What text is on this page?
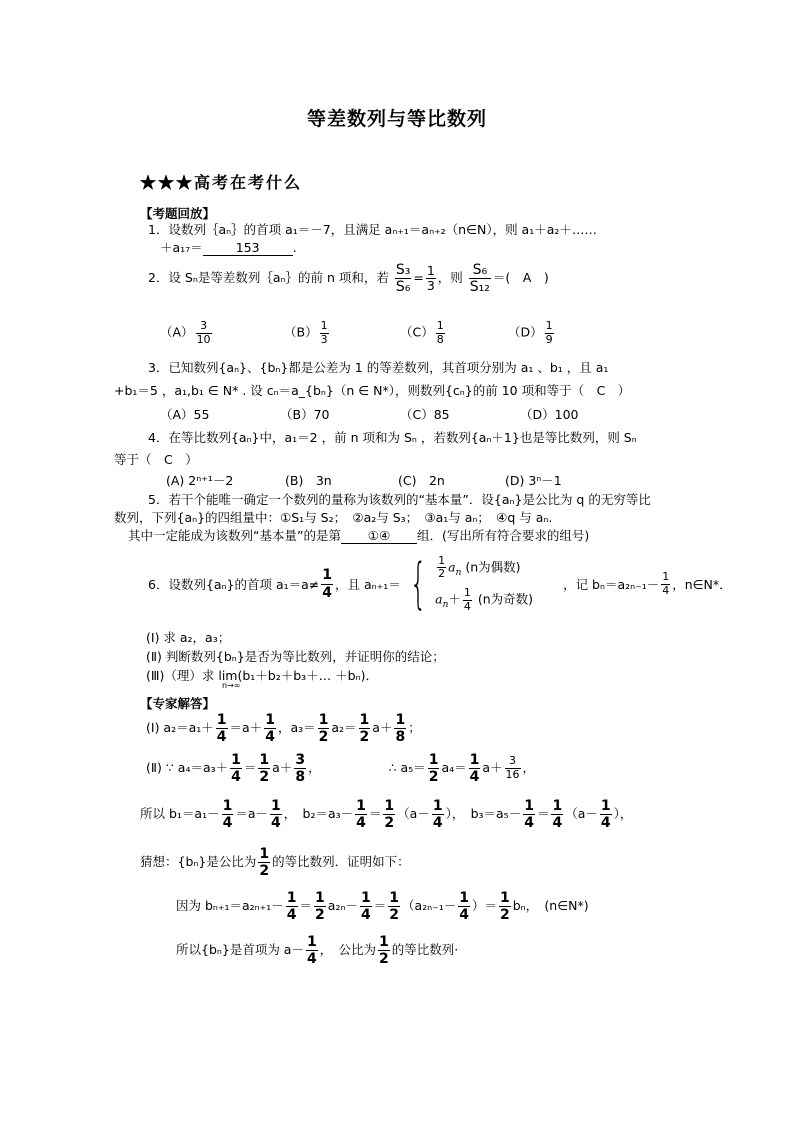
等差数列与等比数列
★★★高考在考什么
【考题回放】
1．设数列｛aₙ｝的首项 a₁＝－7，且满足 aₙ₊₁＝aₙ₊₂（n∈N），则 a₁＋a₂＋……
＋a₁₇＝	153	.
2．设 Sₙ是等差数列｛aₙ｝的前 n 项和，若 $\frac{\text{S₃}}{\text{S₆}} = \frac{1}{3}$ ，则 $\frac{\text{S₆}}{\text{S₁₂}}$ ＝(　A　)
$(A) \frac{3}{10}$	$(B) \frac{1}{3}$	$(C) \frac{1}{8}$	$(D) \frac{1}{9}$
3．已知数列{aₙ}、{bₙ}都是公差为 1 的等差数列，其首项分别为 a₁ 、b₁ ，且 a₁
+b₁＝5 ，a₁,b₁ ∈ N* . 设 cₙ＝a_{bₙ}（n ∈ N*），则数列{cₙ}的前 10 项和等于（　C　）
（A）55	（B）70	（C）85	（D）100
4．在等比数列{aₙ}中，a₁＝2 ，前 n 项和为 Sₙ ，若数列{aₙ＋1}也是等比数列，则 Sₙ
等于（　C　）
(A) 2ⁿ⁺¹－2	(B)　3n	(C)　2n	(D) 3ⁿ－1
5．若干个能唯一确定一个数列的量称为该数列的“基本量”．设{aₙ}是公比为 q 的无穷等比
数列，下列{aₙ}的四组量中：①S₁与 S₂；　②a₂与 S₃；　③a₁与 aₙ；　④q 与 aₙ.
其中一定能成为该数列“基本量”的是第 ①④ 组．(写出所有符合要求的组号)
6．设数列{aₙ}的首项 $a_1=a\ne \frac{1}{4}$ ，且 aₙ₊₁＝ { $\frac{1}{2} a_n$ (n为偶数)
$a_n+ \frac{1}{4} (n$为奇数)
，记 $b_n=a_{2n-1}- \frac{1}{4}$ ，n∈N*．
(Ⅰ) 求 a₂，a₃；
(Ⅱ) 判断数列{bₙ}是否为等比数列，并证明你的结论；
(Ⅲ)（理）求 lim(b₁＋b₂＋b₃＋… ＋bₙ)．
n→∞
【专家解答】
(Ⅰ) $a_2=a_1+ \frac{1}{4} =a+ \frac{1}{4}$ ，$a_3= \frac{1}{2} a_2= \frac{1}{2} a+ \frac{1}{8}$ ；
(Ⅱ) ∵ $a_4=a_3+ \frac{1}{4} = \frac{1}{2} a+ \frac{3}{8}$ ，	∴ $a_5= \frac{1}{2} a_4= \frac{1}{4} a+ \frac{3}{16}$ ，
所以 $b_1=a_1- \frac{1}{4} =a- \frac{1}{4}$ ，　$b_2=a_3- \frac{1}{4} = \frac{1}{2} (a- \frac{1}{4}$ ），　$b_3=a_5- \frac{1}{4} = \frac{1}{4} (a- \frac{1}{4}$ ），
猜想：{bₙ}是公比为 $\frac{1}{2}$ 的等比数列．证明如下：
因为 $b_{n+1}=a_{2n+1}- \frac{1}{4} = \frac{1}{2} a_{2n}- \frac{1}{4} = \frac{1}{2} (a_{2n-1}- \frac{1}{4}$ ）＝ $\frac{1}{2}$ bₙ，　(n∈N*)
所以{bₙ}是首项为 $a- \frac{1}{4}$ ，　公比为 $\frac{1}{2}$ 的等比数列·
